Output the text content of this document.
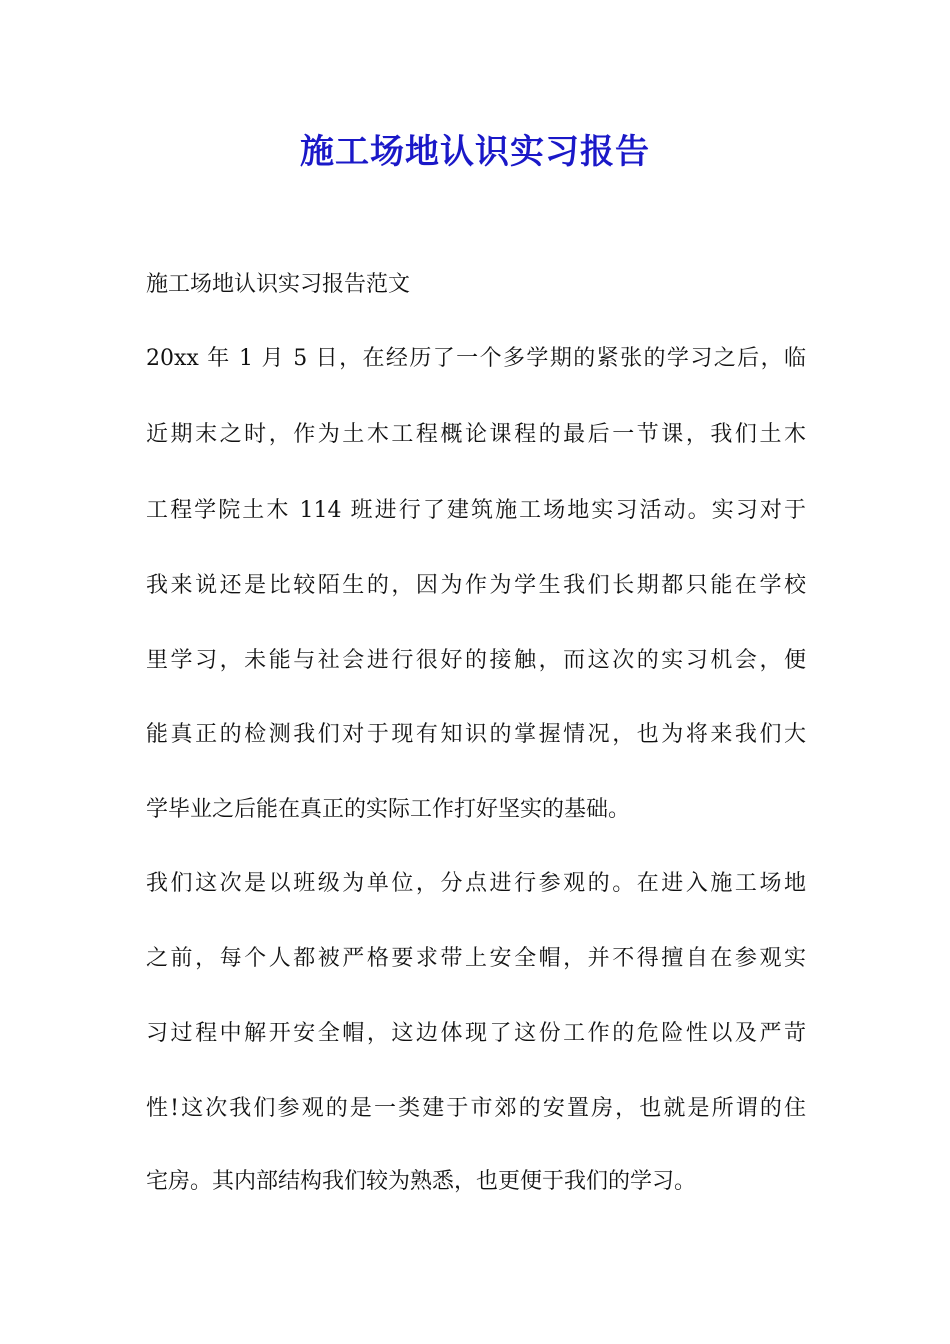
施工场地认识实习报告
施工场地认识实习报告范文
20xx 年 1 月 5 日，在经历了一个多学期的紧张的学习之后，临
近期末之时，作为土木工程概论课程的最后一节课，我们土木
工程学院土木 114 班进行了建筑施工场地实习活动。实习对于
我来说还是比较陌生的，因为作为学生我们长期都只能在学校
里学习，未能与社会进行很好的接触，而这次的实习机会，便
能真正的检测我们对于现有知识的掌握情况，也为将来我们大
学毕业之后能在真正的实际工作打好坚实的基础。
我们这次是以班级为单位，分点进行参观的。在进入施工场地
之前，每个人都被严格要求带上安全帽，并不得擅自在参观实
习过程中解开安全帽，这边体现了这份工作的危险性以及严苛
性!这次我们参观的是一类建于市郊的安置房，也就是所谓的住
宅房。其内部结构我们较为熟悉，也更便于我们的学习。
